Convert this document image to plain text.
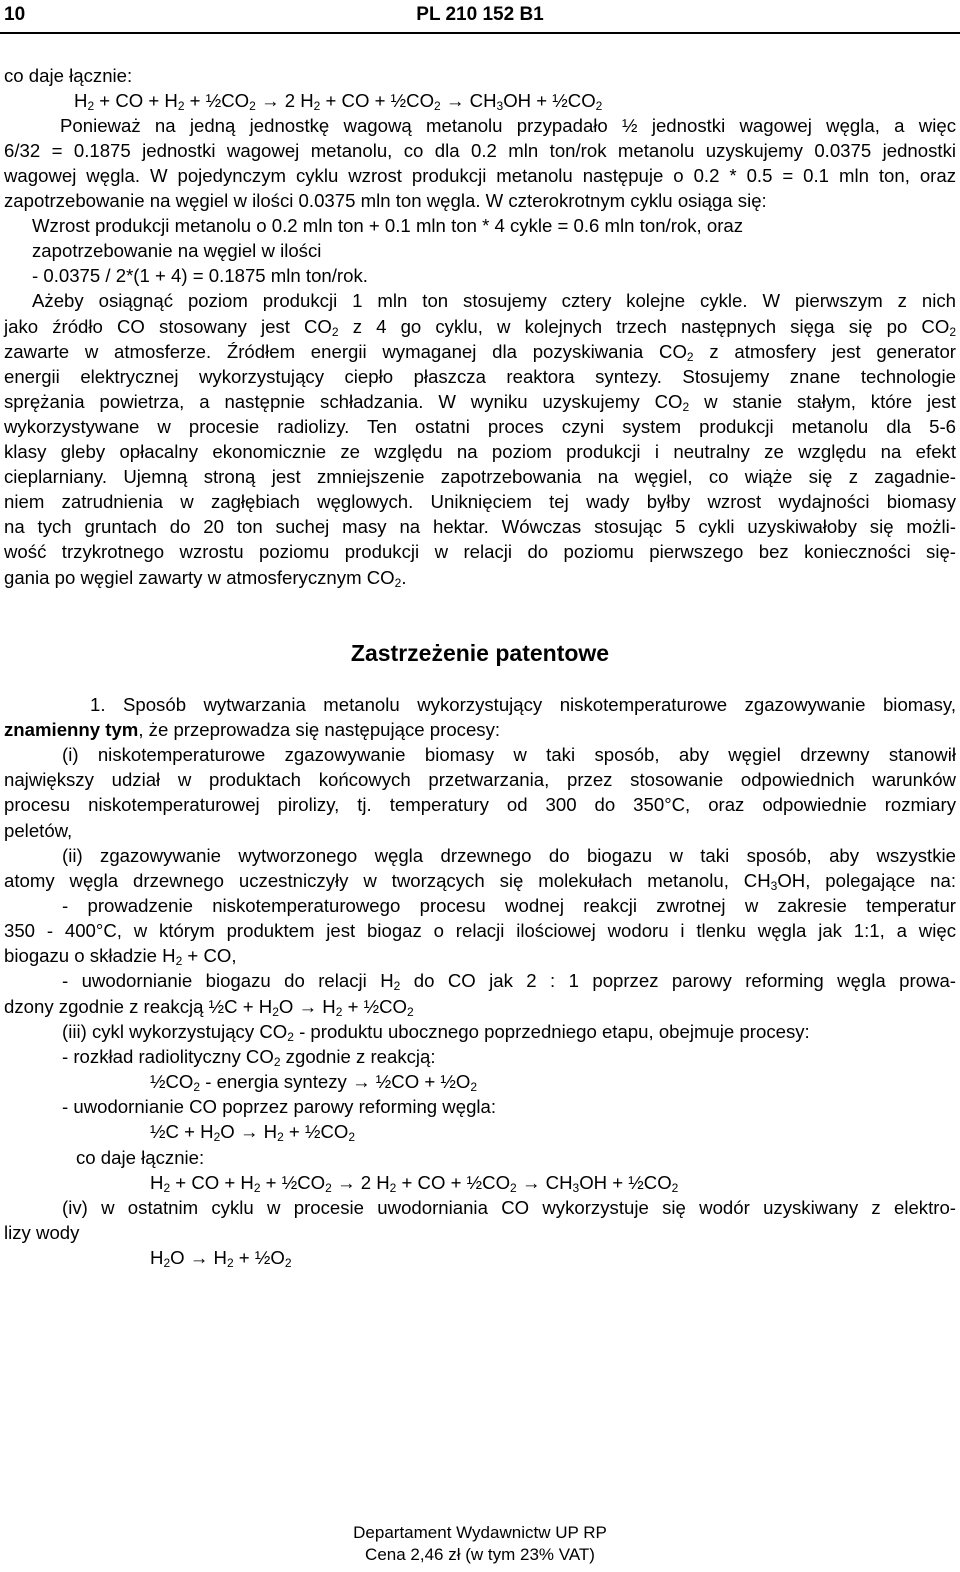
10	PL 210 152 B1
co daje łącznie:
$H_2$ + CO + $H_2$ + $\frac{1}{2}CO_2 \to 2$ $H_2$ + CO + $\frac{1}{2}CO_2 \to CH_3OH$ + $\frac{1}{2}CO_2$
Ponieważ na jedną jednostkę wagową metanolu przypadało ½ jednostki wagowej węgla, a więc
6/32 = 0.1875 jednostki wagowej metanolu, co dla 0.2 mln ton/rok metanolu uzyskujemy 0.0375 jednostki
wagowej węgla. W pojedynczym cyklu wzrost produkcji metanolu następuje o 0.2 * 0.5 = 0.1 mln ton, oraz
zapotrzebowanie na węgiel w ilości 0.0375 mln ton węgla. W czterokrotnym cyklu osiąga się:
Wzrost produkcji metanolu o 0.2 mln ton + 0.1 mln ton * 4 cykle = 0.6 mln ton/rok, oraz
zapotrzebowanie na węgiel w ilości
- 0.0375 / 2*(1 + 4) = 0.1875 mln ton/rok.
Ażeby osiągnąć poziom produkcji 1 mln ton stosujemy cztery kolejne cykle. W pierwszym z nich
jako źródło CO stosowany jest $CO_2$ z 4 go cyklu, w kolejnych trzech następnych sięga się po $CO_2$
zawarte w atmosferze. Źródłem energii wymaganej dla pozyskiwania $CO_2$ z atmosfery jest generator
energii elektrycznej wykorzystujący ciepło płaszcza reaktora syntezy. Stosujemy znane technologie
sprężania powietrza, a następnie schładzania. W wyniku uzyskujemy $CO_2$ w stanie stałym, które jest
wykorzystywane w procesie radiolizy. Ten ostatni proces czyni system produkcji metanolu dla 5-6
klasy gleby opłacalny ekonomicznie ze względu na poziom produkcji i neutralny ze względu na efekt
cieplarniany. Ujemną stroną jest zmniejszenie zapotrzebowania na węgiel, co wiąże się z zagadnie-
niem zatrudnienia w zagłębiach węglowych. Uniknięciem tej wady byłby wzrost wydajności biomasy
na tych gruntach do 20 ton suchej masy na hektar. Wówczas stosując 5 cykli uzyskiwałoby się możli-
wość trzykrotnego wzrostu poziomu produkcji w relacji do poziomu pierwszego bez konieczności się-
gania po węgiel zawarty w atmosferycznym $CO_2$.
Zastrzeżenie patentowe
1. Sposób wytwarzania metanolu wykorzystujący niskotemperaturowe zgazowywanie biomasy,
znamienny tym, że przeprowadza się następujące procesy:
(i) niskotemperaturowe zgazowywanie biomasy w taki sposób, aby węgiel drzewny stanowił
największy udział w produktach końcowych przetwarzania, przez stosowanie odpowiednich warunków
procesu niskotemperaturowej pirolizy, tj. temperatury od 300 do 350°C, oraz odpowiednie rozmiary
peletów,
(ii) zgazowywanie wytworzonego węgla drzewnego do biogazu w taki sposób, aby wszystkie
atomy węgla drzewnego uczestniczyły w tworzących się molekułach metanolu, $CH_3OH$, polegające na:
- prowadzenie niskotemperaturowego procesu wodnej reakcji zwrotnej w zakresie temperatur
350 - 400°C, w którym produktem jest biogaz o relacji ilościowej wodoru i tlenku węgla jak 1:1, a więc
biogazu o składzie $H_2$ + CO,
- uwodornianie biogazu do relacji $H_2$ do CO jak 2 : 1 poprzez parowy reforming węgla prowa-
dzony zgodnie z reakcją ½C + $H_2O \to H_2$ + $\frac{1}{2}CO_2$
(iii) cykl wykorzystujący $CO_2$ - produktu ubocznego poprzedniego etapu, obejmuje procesy:
- rozkład radiolityczny $CO_2$ zgodnie z reakcją:
$\frac{1}{2}CO_2$ - energia syntezy → ½CO + $\frac{1}{2}O_2$
- uwodornianie CO poprzez parowy reforming węgla:
½C + $H_2O \to H_2$ + $\frac{1}{2}CO_2$
co daje łącznie:
$H_2$ + CO + $H_2$ + $\frac{1}{2}CO_2 \to 2$ $H_2$ + CO + $\frac{1}{2}CO_2 \to CH_3OH$ + $\frac{1}{2}CO_2$
(iv) w ostatnim cyklu w procesie uwodorniania CO wykorzystuje się wodór uzyskiwany z elektro-
lizy wody
$H_2O \to H_2$ + $\frac{1}{2}O_2$
Departament Wydawnictw UP RP
Cena 2,46 zł (w tym 23% VAT)
